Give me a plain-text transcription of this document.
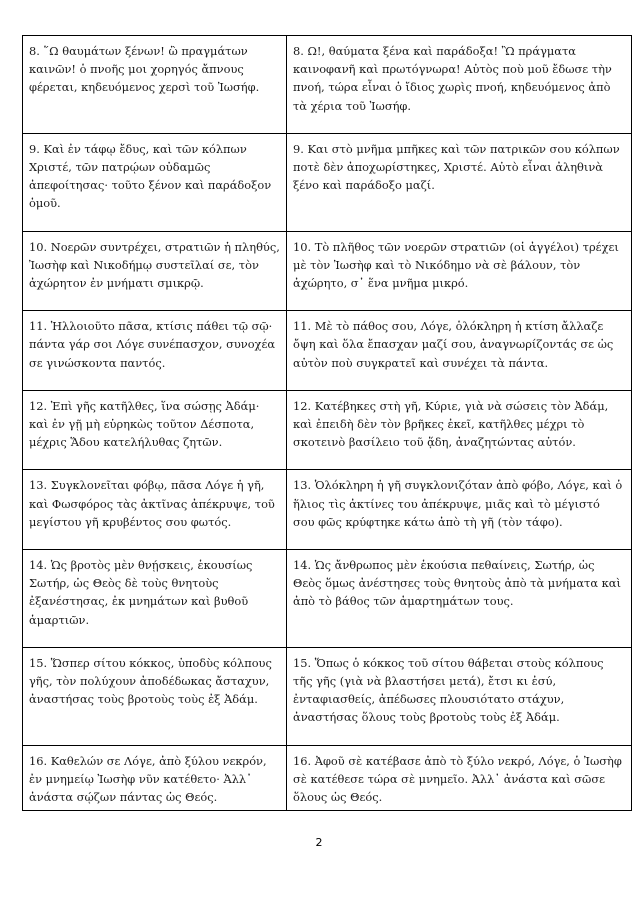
8. ῞Ω θαυμάτων ξένων! ὢ πραγμάτων καινῶν! ὁ πνοῆς μοι χορηγός ἄπνους φέρεται, κηδευόμενος χερσὶ τοῦ Ἰωσήφ.	8. Ω!, θαύματα ξένα καὶ παράδοξα! Ὢ πράγματα καινοφανῆ καὶ πρωτόγνωρα! Αὐτὸς ποὺ μοῦ ἔδωσε τὴν πνοή, τώρα εἶναι ὁ ἴδιος χωρὶς πνοή, κηδευόμενος ἀπὸ τὰ χέρια τοῦ Ἰωσήφ.

9. Καὶ ἐν τάφῳ ἔδυς, καὶ τῶν κόλπων Χριστέ, τῶν πατρῴων οὐδαμῶς ἀπεφοίτησας· τοῦτο ξένον καὶ παράδοξον ὁμοῦ.	9. Και στὸ μνῆμα μπῆκες καὶ τῶν πατρικῶν σου κόλπων ποτὲ δὲν ἀποχωρίστηκες, Χριστέ. Αὐτὸ εἶναι ἀληθινὰ ξένο καὶ παράδοξο μαζί.

10. Νοερῶν συντρέχει, στρατιῶν ἡ πληθύς, Ἰωσὴφ καὶ Νικοδήμῳ συστεῖλαί σε, τὸν ἀχώρητον ἐν μνήματι σμικρῷ.	10. Τὸ πλῆθος τῶν νοερῶν στρατιῶν (οἱ ἀγγέλοι) τρέχει μὲ τὸν Ἰωσὴφ καὶ τὸ Νικόδημο νὰ σὲ βάλουν, τὸν ἀχώρητο, σ᾿ ἕνα μνῆμα μικρό.

11. Ἡλλοιοῦτο πᾶσα, κτίσις πάθει τῷ σῷ· πάντα γάρ σοι Λόγε συνέπασχον, συνοχέα σε γινώσκοντα παντός.	11. Μὲ τὸ πάθος σου, Λόγε, ὁλόκληρη ἡ κτίση ἄλλαζε ὄψη καὶ ὅλα ἔπασχαν μαζί σου, ἀναγνωρίζοντάς σε ὡς αὐτὸν ποὺ συγκρατεῖ καὶ συνέχει τὰ πάντα.

12. Ἐπὶ γῆς κατῆλθες, ἵνα σώσῃς Ἀδάμ· καὶ ἐν γῇ μὴ εὑρηκὼς τοῦτον Δέσποτα, μέχρις Ἅδου κατελήλυθας ζητῶν.	12. Κατέβηκες στὴ γῆ, Κύριε, γιὰ νὰ σώσεις τὸν Ἀδάμ, καὶ ἐπειδὴ δὲν τὸν βρῆκες ἐκεῖ, κατῆλθες μέχρι τὸ σκοτεινὸ βασίλειο τοῦ ᾅδη, ἀναζητώντας αὐτόν.

13. Συγκλονεῖται φόβῳ, πᾶσα Λόγε ἡ γῆ, καὶ Φωσφόρος τὰς ἀκτῖνας ἀπέκρυψε, τοῦ μεγίστου γῆ κρυβέντος σου φωτός.	13. Ὁλόκληρη ἡ γῆ συγκλονιζόταν ἀπὸ φόβο, Λόγε, καὶ ὁ ἥλιος τὶς ἀκτίνες του ἀπέκρυψε, μιᾶς καὶ τὸ μέγιστό σου φῶς κρύφτηκε κάτω ἀπὸ τὴ γῆ (τὸν τάφο).

14. Ὡς βροτὸς μὲν θνῄσκεις, ἑκουσίως Σωτήρ, ὡς Θεὸς δὲ τοὺς θνητοὺς ἐξανέστησας, ἐκ μνημάτων καὶ βυθοῦ ἁμαρτιῶν.	14. Ὡς ἄνθρωπος μὲν ἑκούσια πεθαίνεις, Σωτήρ, ὡς Θεὸς ὅμως ἀνέστησες τοὺς θνητοὺς ἀπὸ τὰ μνήματα καὶ ἀπὸ τὸ βάθος τῶν ἁμαρτημάτων τους.

15. Ὥσπερ σίτου κόκκος, ὑποδὺς κόλπους γῆς, τὸν πολύχουν ἀποδέδωκας ἄσταχυν, ἀναστήσας τοὺς βροτοὺς τοὺς ἐξ Ἀδάμ.	15. Ὅπως ὁ κόκκος τοῦ σίτου θάβεται στοὺς κόλπους τῆς γῆς (γιὰ νὰ βλαστήσει μετά), ἔτσι κι ἐσύ, ἐνταφιασθείς, ἀπέδωσες πλουσιότατο στάχυν, ἀναστήσας ὅλους τοὺς βροτοὺς τοὺς ἐξ Ἀδάμ.

16. Καθελών σε Λόγε, ἀπὸ ξύλου νεκρόν, ἐν μνημείῳ Ἰωσὴφ νῦν κατέθετο· Ἀλλ᾿ ἀνάστα σῴζων πάντας ὡς Θεός.	16. Ἀφοῦ σὲ κατέβασε ἀπὸ τὸ ξύλο νεκρό, Λόγε, ὁ Ἰωσὴφ σὲ κατέθεσε τώρα σὲ μνημεῖο. Ἀλλ᾿ ἀνάστα καὶ σῶσε ὅλους ὡς Θεός.
2
